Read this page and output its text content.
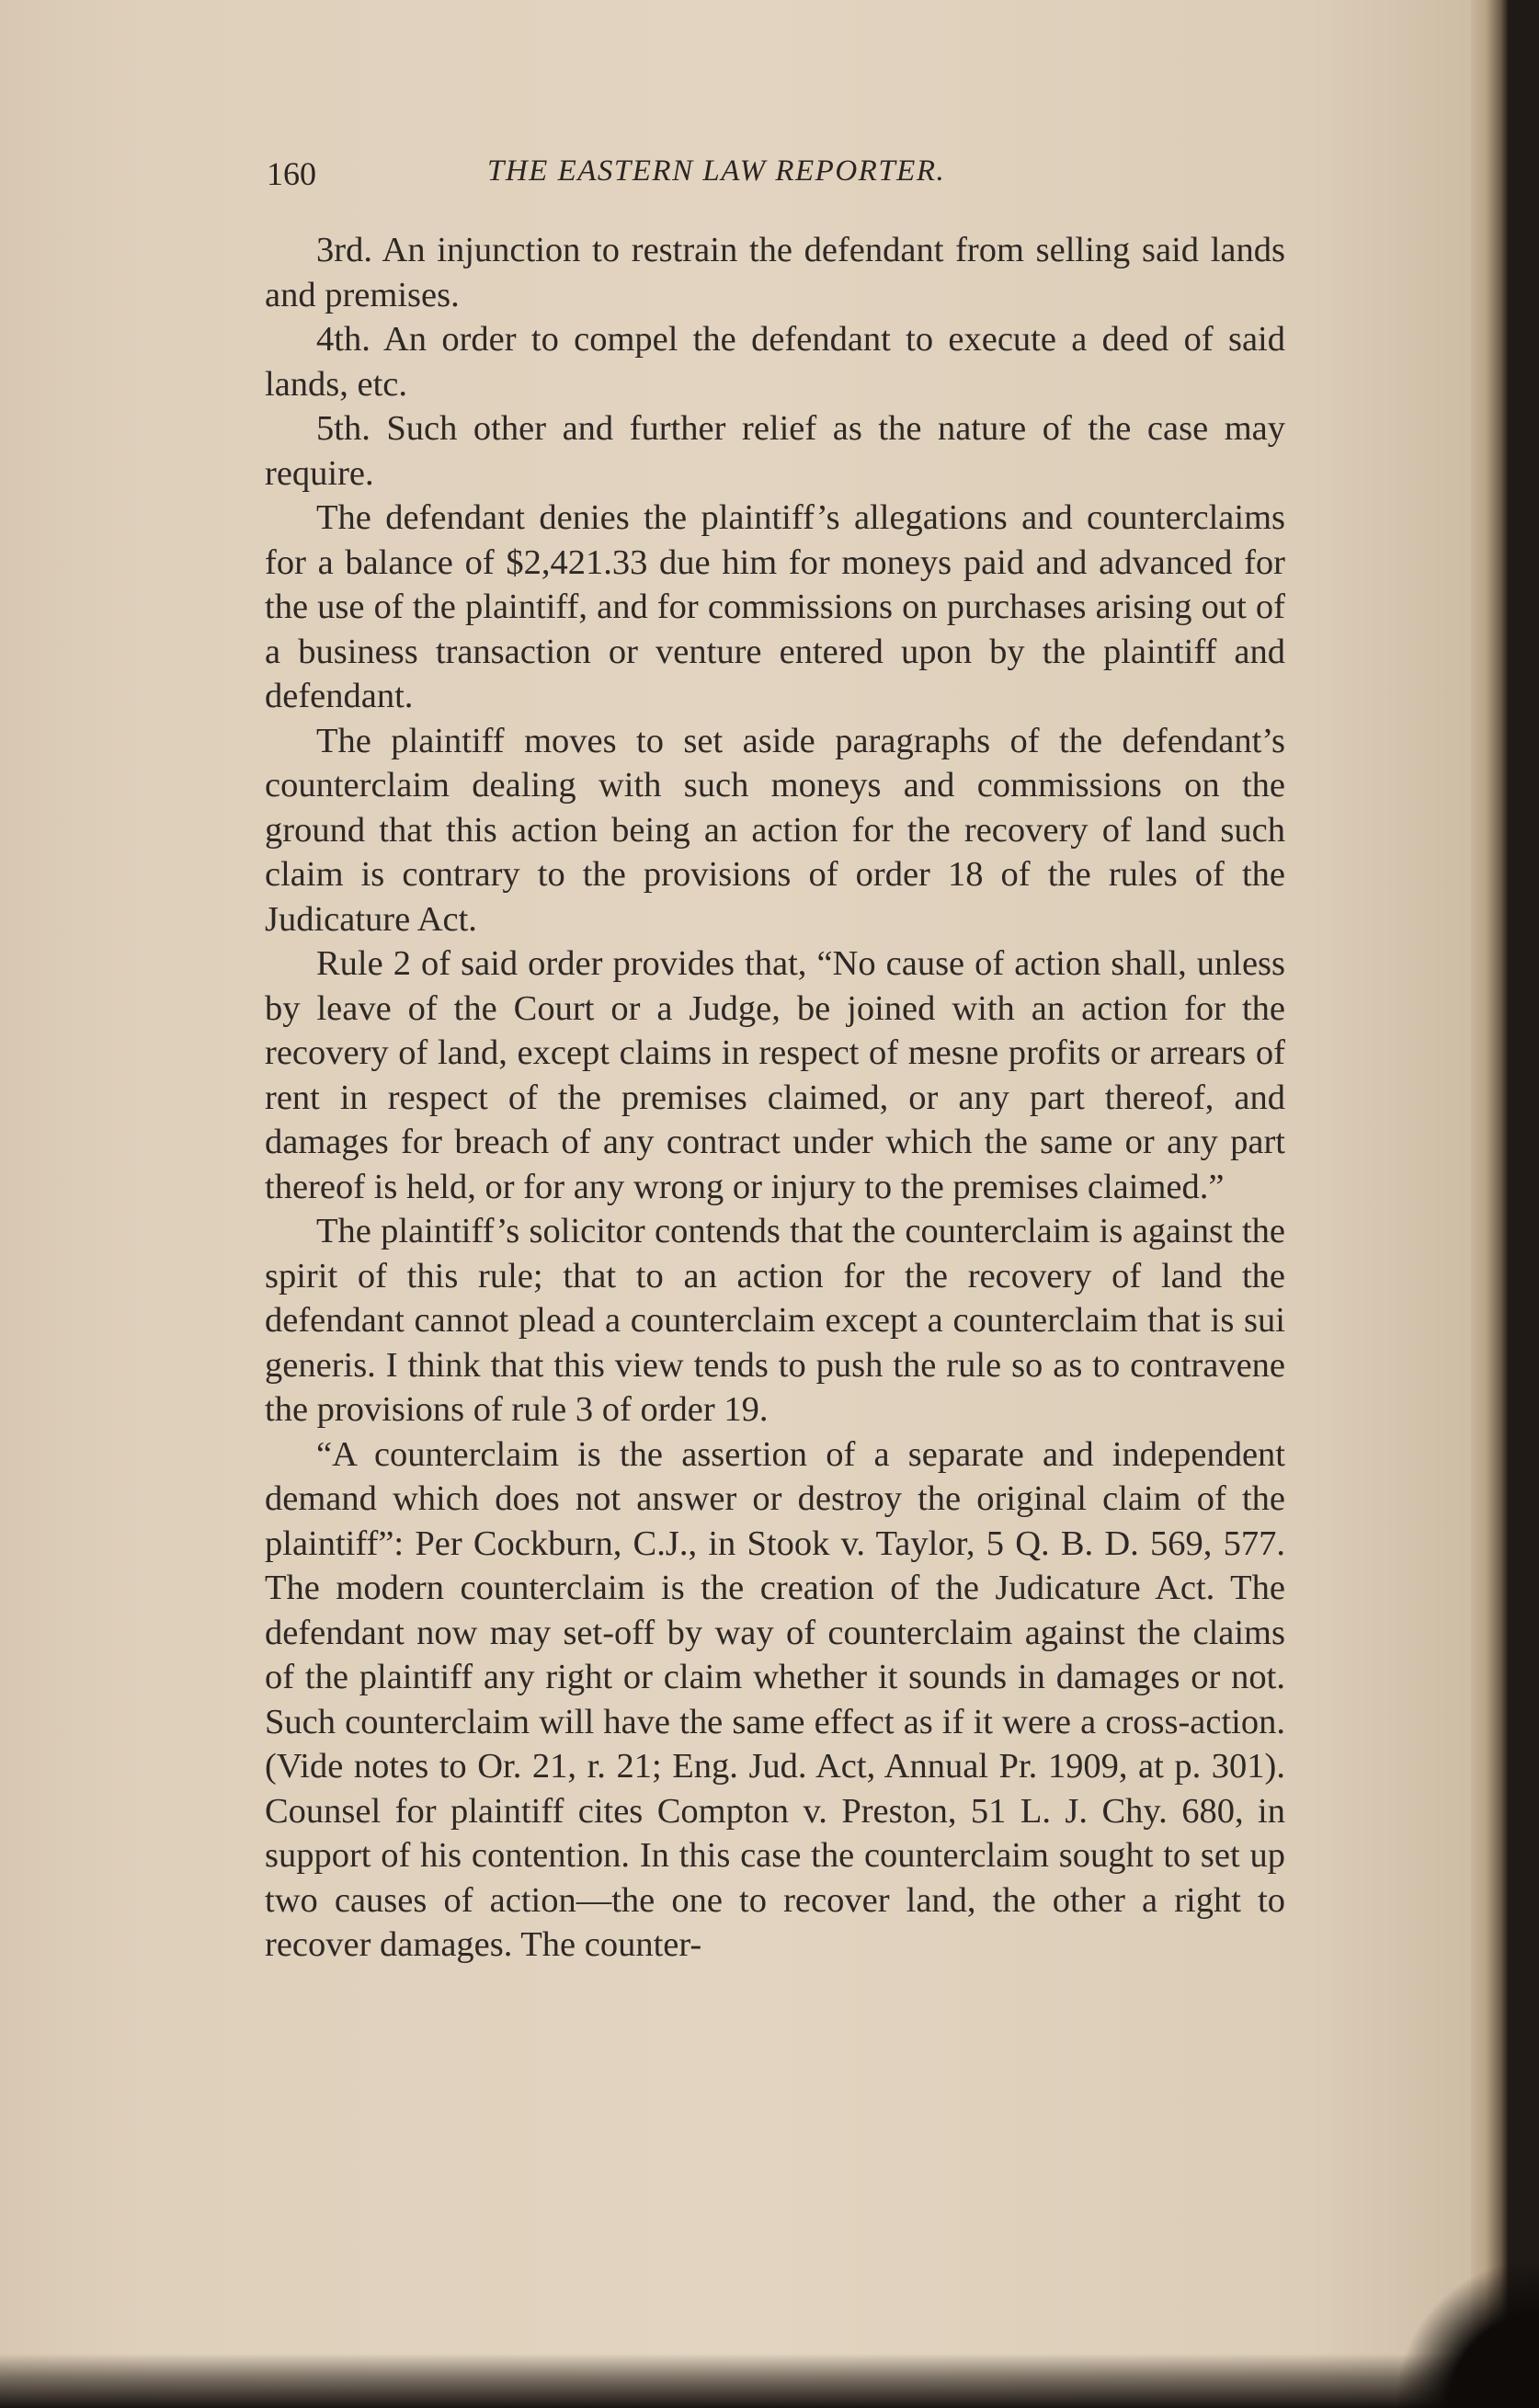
160	THE EASTERN LAW REPORTER.

3rd. An injunction to restrain the defendant from selling said lands and premises.

4th. An order to compel the defendant to execute a deed of said lands, etc.

5th. Such other and further relief as the nature of the case may require.

The defendant denies the plaintiff’s allegations and counterclaims for a balance of $2,421.33 due him for moneys paid and advanced for the use of the plaintiff, and for commissions on purchases arising out of a business transaction or venture entered upon by the plaintiff and defendant.

The plaintiff moves to set aside paragraphs of the defendant’s counterclaim dealing with such moneys and commissions on the ground that this action being an action for the recovery of land such claim is contrary to the provisions of order 18 of the rules of the Judicature Act.

Rule 2 of said order provides that, “No cause of action shall, unless by leave of the Court or a Judge, be joined with an action for the recovery of land, except claims in respect of mesne profits or arrears of rent in respect of the premises claimed, or any part thereof, and damages for breach of any contract under which the same or any part thereof is held, or for any wrong or injury to the premises claimed.”

The plaintiff’s solicitor contends that the counterclaim is against the spirit of this rule; that to an action for the recovery of land the defendant cannot plead a counterclaim except a counterclaim that is sui generis. I think that this view tends to push the rule so as to contravene the provisions of rule 3 of order 19.

“A counterclaim is the assertion of a separate and independent demand which does not answer or destroy the original claim of the plaintiff”: Per Cockburn, C.J., in Stook v. Taylor, 5 Q. B. D. 569, 577. The modern counterclaim is the creation of the Judicature Act. The defendant now may set-off by way of counterclaim against the claims of the plaintiff any right or claim whether it sounds in damages or not. Such counterclaim will have the same effect as if it were a cross-action. (Vide notes to Or. 21, r. 21; Eng. Jud. Act, Annual Pr. 1909, at p. 301). Counsel for plaintiff cites Compton v. Preston, 51 L. J. Chy. 680, in support of his contention. In this case the counterclaim sought to set up two causes of action—the one to recover land, the other a right to recover damages. The counter-
